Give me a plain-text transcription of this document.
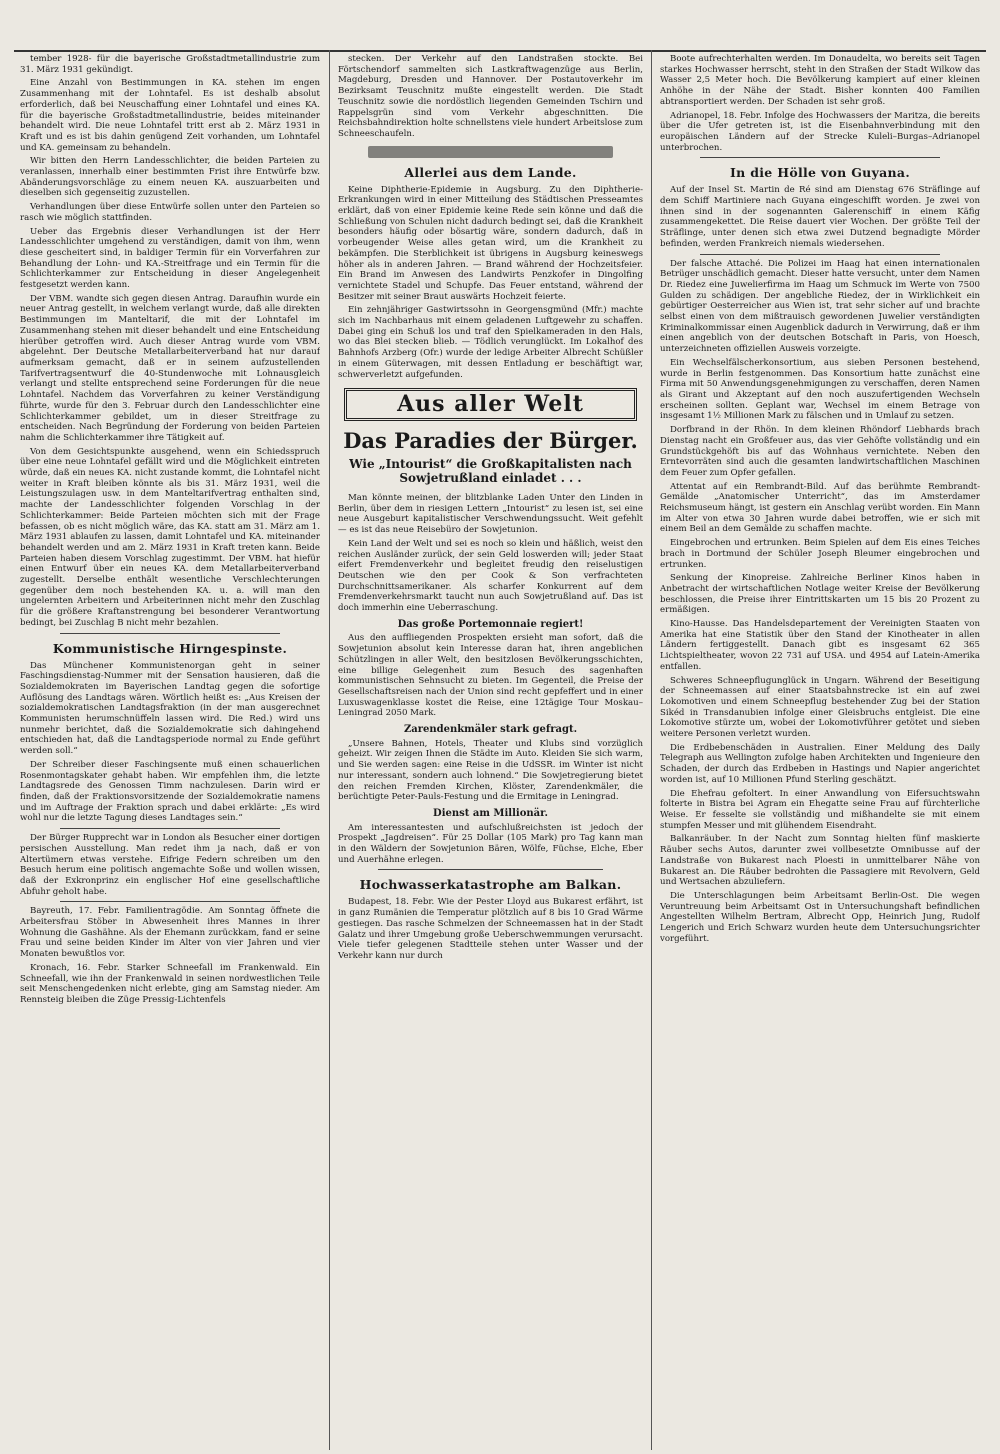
tember 1928- für die bayerische Großstadtmetallindustrie zum 31. März 1931 gekündigt.

Eine Anzahl von Bestimmungen in KA. stehen im engen Zusammenhang mit der Lohntafel. Es ist deshalb absolut erforderlich, daß bei Neuschaffung einer Lohntafel und eines KA. für die bayerische Großstadtmetallindustrie, beides miteinander behandelt wird. Die neue Lohntafel tritt erst ab 2. März 1931 in Kraft und es ist bis dahin genügend Zeit vorhanden, um Lohntafel und KA. gemeinsam zu behandeln.

Wir bitten den Herrn Landesschlichter, die beiden Parteien zu veranlassen, innerhalb einer bestimmten Frist ihre Entwürfe bzw. Abänderungsvorschläge zu einem neuen KA. auszuarbeiten und dieselben sich gegenseitig zuzustellen.

Verhandlungen über diese Entwürfe sollen unter den Parteien so rasch wie möglich stattfinden.

Ueber das Ergebnis dieser Verhandlungen ist der Herr Landesschlichter umgehend zu verständigen, damit von ihm, wenn diese gescheitert sind, in baldiger Termin für ein Vorverfahren zur Behandlung der Lohn- und KA.-Streitfrage und ein Termin für die Schlichterkammer zur Entscheidung in dieser Angelegenheit festgesetzt werden kann.

Der VBM. wandte sich gegen diesen Antrag. Daraufhin wurde ein neuer Antrag gestellt, in welchem verlangt wurde, daß alle direkten Bestimmungen im Manteltarif, die mit der Lohntafel im Zusammenhang stehen mit dieser behandelt und eine Entscheidung hierüber getroffen wird. Auch dieser Antrag wurde vom VBM. abgelehnt. Der Deutsche Metallarbeiterverband hat nur darauf aufmerksam gemacht, daß er in seinem aufzustellenden Tarifvertragsentwurf die 40-Stundenwoche mit Lohnausgleich verlangt und stellte entsprechend seine Forderungen für die neue Lohntafel. Nachdem das Vorverfahren zu keiner Verständigung führte, wurde für den 3. Februar durch den Landesschlichter eine Schlichterkammer gebildet, um in dieser Streitfrage zu entscheiden. Nach Begründung der Forderung von beiden Parteien nahm die Schlichterkammer ihre Tätigkeit auf.

Von dem Gesichtspunkte ausgehend, wenn ein Schiedsspruch über eine neue Lohntafel gefällt wird und die Möglichkeit eintreten würde, daß ein neues KA. nicht zustande kommt, die Lohntafel nicht weiter in Kraft bleiben könnte als bis 31. März 1931, weil die Leistungszulagen usw. in dem Manteltarifvertrag enthalten sind, machte der Landesschlichter folgenden Vorschlag in der Schlichterkammer: Beide Parteien möchten sich mit der Frage befassen, ob es nicht möglich wäre, das KA. statt am 31. März am 1. März 1931 ablaufen zu lassen, damit Lohntafel und KA. miteinander behandelt werden und am 2. März 1931 in Kraft treten kann. Beide Parteien haben diesem Vorschlag zugestimmt. Der VBM. hat hiefür einen Entwurf über ein neues KA. dem Metallarbeiterverband zugestellt. Derselbe enthält wesentliche Verschlechterungen gegenüber dem noch bestehenden KA. u. a. will man den ungelernten Arbeitern und Arbeiterinnen nicht mehr den Zuschlag für die größere Kraftanstrengung bei besonderer Verantwortung bedingt, bei Zuschlag B nicht mehr bezahlen.

Kommunistische Hirngespinste.

Das Münchener Kommunistenorgan geht in seiner Faschingsdienstag-Nummer mit der Sensation hausieren, daß die Sozialdemokraten im Bayerischen Landtag gegen die sofortige Auflösung des Landtags wären. Wörtlich heißt es: „Aus Kreisen der sozialdemokratischen Landtagsfraktion (in der man ausgerechnet Kommunisten herumschnüffeln lassen wird. Die Red.) wird uns nunmehr berichtet, daß die Sozialdemokratie sich dahingehend entschieden hat, daß die Landtagsperiode normal zu Ende geführt werden soll.“

Der Schreiber dieser Faschingsente muß einen schauerlichen Rosenmontagskater gehabt haben. Wir empfehlen ihm, die letzte Landtagsrede des Genossen Timm nachzulesen. Darin wird er finden, daß der Fraktionsvorsitzende der Sozialdemokratie namens und im Auftrage der Fraktion sprach und dabei erklärte: „Es wird wohl nur die letzte Tagung dieses Landtages sein.“

Der Bürger Rupprecht war in London als Besucher einer dortigen persischen Ausstellung. Man redet ihm ja nach, daß er von Altertümern etwas verstehe. Eifrige Federn schreiben um den Besuch herum eine politisch angemachte Soße und wollen wissen, daß der Exkronprinz ein englischer Hof eine gesellschaftliche Abfuhr geholt habe.

Bayreuth, 17. Febr. Familientragödie. Am Sonntag öffnete die Arbeitersfrau Stöber in Abwesenheit ihres Mannes in ihrer Wohnung die Gashähne. Als der Ehemann zurückkam, fand er seine Frau und seine beiden Kinder im Alter von vier Jahren und vier Monaten bewußtlos vor.

Kronach, 16. Febr. Starker Schneefall im Frankenwald. Ein Schneefall, wie ihn der Frankenwald in seinen nordwestlichen Teile seit Menschengedenken nicht erlebte, ging am Samstag nieder. Am Rennsteig bleiben die Züge Pressig-Lichtenfels

stecken. Der Verkehr auf den Landstraßen stockte. Bei Förtschendorf sammelten sich Lastkraftwagenzüge aus Berlin, Magdeburg, Dresden und Hannover. Der Postautoverkehr im Bezirksamt Teuschnitz mußte eingestellt werden. Die Stadt Teuschnitz sowie die nordöstlich liegenden Gemeinden Tschirn und Rappelsgrün sind vom Verkehr abgeschnitten. Die Reichsbahndirektion holte schnellstens viele hundert Arbeitslose zum Schneeschaufeln.

Allerlei aus dem Lande.

Keine Diphtherie-Epidemie in Augsburg. Zu den Diphtherie-Erkrankungen wird in einer Mitteilung des Städtischen Presseamtes erklärt, daß von einer Epidemie keine Rede sein könne und daß die Schließung von Schulen nicht dadurch bedingt sei, daß die Krankheit besonders häufig oder bösartig wäre, sondern dadurch, daß in vorbeugender Weise alles getan wird, um die Krankheit zu bekämpfen. Die Sterblichkeit ist übrigens in Augsburg keineswegs höher als in anderen Jahren. — Brand während der Hochzeitsfeier. Ein Brand im Anwesen des Landwirts Penzkofer in Dingolfing vernichtete Stadel und Schupfe. Das Feuer entstand, während der Besitzer mit seiner Braut auswärts Hochzeit feierte.

Ein zehnjähriger Gastwirtssohn in Georgensgmünd (Mfr.) machte sich im Nachbarhaus mit einem geladenen Luftgewehr zu schaffen. Dabei ging ein Schuß los und traf den Spielkameraden in den Hals, wo das Blei stecken blieb. — Tödlich verunglückt. Im Lokalhof des Bahnhofs Arzberg (Ofr.) wurde der ledige Arbeiter Albrecht Schüßler in einem Güterwagen, mit dessen Entladung er beschäftigt war, schwerverletzt aufgefunden.

Aus aller Welt
Das Paradies der Bürger.
Wie „Intourist“ die Großkapitalisten nach Sowjetrußland einladet . . .

Man könnte meinen, der blitzblanke Laden Unter den Linden in Berlin, über dem in riesigen Lettern „Intourist“ zu lesen ist, sei eine neue Ausgeburt kapitalistischer Verschwendungssucht. Weit gefehlt — es ist das neue Reisebüro der Sowjetunion.

Kein Land der Welt und sei es noch so klein und häßlich, weist den reichen Ausländer zurück, der sein Geld loswerden will; jeder Staat eifert Fremdenverkehr und begleitet freudig den reiselustigen Deutschen wie den per Cook & Son verfrachteten Durchschnittsamerikaner. Als scharfer Konkurrent auf dem Fremdenverkehrsmarkt taucht nun auch Sowjetrußland auf. Das ist doch immerhin eine Ueberraschung.

Das große Portemonnaie regiert!

Aus den auffliegenden Prospekten ersieht man sofort, daß die Sowjetunion absolut kein Interesse daran hat, ihren angeblichen Schützlingen in aller Welt, den besitzlosen Bevölkerungsschichten, eine billige Gelegenheit zum Besuch des sagenhaften kommunistischen Sehnsucht zu bieten. Im Gegenteil, die Preise der Gesellschaftsreisen nach der Union sind recht gepfeffert und in einer Luxuswagenklasse kostet die Reise, eine 12tägige Tour Moskau–Leningrad 2050 Mark.

Zarendenkmäler stark gefragt.

„Unsere Bahnen, Hotels, Theater und Klubs sind vorzüglich geheizt. Wir zeigen Ihnen die Städte im Auto. Kleiden Sie sich warm, und Sie werden sagen: eine Reise in die UdSSR. im Winter ist nicht nur interessant, sondern auch lohnend.“ Die Sowjetregierung bietet den reichen Fremden Kirchen, Klöster, Zarendenkmäler, die berüchtigte Peter-Pauls-Festung und die Ermitage in Leningrad.

Dienst am Millionär.

Am interessantesten und aufschlußreichsten ist jedoch der Prospekt „Jagdreisen“. Für 25 Dollar (105 Mark) pro Tag kann man in den Wäldern der Sowjetunion Bären, Wölfe, Füchse, Elche, Eber und Auerhähne erlegen.

Hochwasserkatastrophe am Balkan.

Budapest, 18. Febr. Wie der Pester Lloyd aus Bukarest erfährt, ist in ganz Rumänien die Temperatur plötzlich auf 8 bis 10 Grad Wärme gestiegen. Das rasche Schmelzen der Schneemassen hat in der Stadt Galatz und ihrer Umgebung große Ueberschwemmungen verursacht. Viele tiefer gelegenen Stadtteile stehen unter Wasser und der Verkehr kann nur durch

Boote aufrechterhalten werden. Im Donaudelta, wo bereits seit Tagen starkes Hochwasser herrscht, steht in den Straßen der Stadt Wilkow das Wasser 2,5 Meter hoch. Die Bevölkerung kampiert auf einer kleinen Anhöhe in der Nähe der Stadt. Bisher konnten 400 Familien abtransportiert werden. Der Schaden ist sehr groß.

Adrianopel, 18. Febr. Infolge des Hochwassers der Maritza, die bereits über die Ufer getreten ist, ist die Eisenbahnverbindung mit den europäischen Ländern auf der Strecke Kuleli–Burgas–Adrianopel unterbrochen.

In die Hölle von Guyana.

Auf der Insel St. Martin de Ré sind am Dienstag 676 Sträflinge auf dem Schiff Martiniere nach Guyana eingeschifft worden. Je zwei von ihnen sind in der sogenannten Galerenschiff in einem Käfig zusammengekettet. Die Reise dauert vier Wochen. Der größte Teil der Sträflinge, unter denen sich etwa zwei Dutzend begnadigte Mörder befinden, werden Frankreich niemals wiedersehen.

Der falsche Attaché. Die Polizei im Haag hat einen internationalen Betrüger unschädlich gemacht. Dieser hatte versucht, unter dem Namen Dr. Riedez eine Juwelierfirma im Haag um Schmuck im Werte von 7500 Gulden zu schädigen. Der angebliche Riedez, der in Wirklichkeit ein gebürtiger Oesterreicher aus Wien ist, trat sehr sicher auf und brachte selbst einen von dem mißtrauisch gewordenen Juwelier verständigten Kriminalkommissar einen Augenblick dadurch in Verwirrung, daß er ihm einen angeblich von der deutschen Botschaft in Paris, von Hoesch, unterzeichneten offiziellen Ausweis vorzeigte.

Ein Wechselfälscherkonsortium, aus sieben Personen bestehend, wurde in Berlin festgenommen. Das Konsortium hatte zunächst eine Firma mit 50 Anwendungsgenehmigungen zu verschaffen, deren Namen als Girant und Akzeptant auf den noch auszufertigenden Wechseln erscheinen sollten. Geplant war, Wechsel im einem Betrage von insgesamt 1½ Millionen Mark zu fälschen und in Umlauf zu setzen.

Dorfbrand in der Rhön. In dem kleinen Rhöndorf Liebhards brach Dienstag nacht ein Großfeuer aus, das vier Gehöfte vollständig und ein Grundstückgehöft bis auf das Wohnhaus vernichtete. Neben den Erntevorräten sind auch die gesamten landwirtschaftlichen Maschinen dem Feuer zum Opfer gefallen.

Attentat auf ein Rembrandt-Bild. Auf das berühmte Rembrandt-Gemälde „Anatomischer Unterricht“, das im Amsterdamer Reichsmuseum hängt, ist gestern ein Anschlag verübt worden. Ein Mann im Alter von etwa 30 Jahren wurde dabei betroffen, wie er sich mit einem Beil an dem Gemälde zu schaffen machte.

Eingebrochen und ertrunken. Beim Spielen auf dem Eis eines Teiches brach in Dortmund der Schüler Joseph Bleumer eingebrochen und ertrunken.

Senkung der Kinopreise. Zahlreiche Berliner Kinos haben in Anbetracht der wirtschaftlichen Notlage weiter Kreise der Bevölkerung beschlossen, die Preise ihrer Eintrittskarten um 15 bis 20 Prozent zu ermäßigen.

Kino-Hausse. Das Handelsdepartement der Vereinigten Staaten von Amerika hat eine Statistik über den Stand der Kinotheater in allen Ländern fertiggestellt. Danach gibt es insgesamt 62 365 Lichtspieltheater, wovon 22 731 auf USA. und 4954 auf Latein-Amerika entfallen.

Schweres Schneepflugunglück in Ungarn. Während der Beseitigung der Schneemassen auf einer Staatsbahnstrecke ist ein auf zwei Lokomotiven und einem Schneepflug bestehender Zug bei der Station Sikéd in Transdanubien infolge einer Gleisbruchs entgleist. Die eine Lokomotive stürzte um, wobei der Lokomotivführer getötet und sieben weitere Personen verletzt wurden.

Die Erdbebenschäden in Australien. Einer Meldung des Daily Telegraph aus Wellington zufolge haben Architekten und Ingenieure den Schaden, der durch das Erdbeben in Hastings und Napier angerichtet worden ist, auf 10 Millionen Pfund Sterling geschätzt.

Die Ehefrau gefoltert. In einer Anwandlung von Eifersuchtswahn folterte in Bistra bei Agram ein Ehegatte seine Frau auf fürchterliche Weise. Er fesselte sie vollständig und mißhandelte sie mit einem stumpfen Messer und mit glühendem Eisendraht.

Balkanräuber. In der Nacht zum Sonntag hielten fünf maskierte Räuber sechs Autos, darunter zwei vollbesetzte Omnibusse auf der Landstraße von Bukarest nach Ploesti in unmittelbarer Nähe von Bukarest an. Die Räuber bedrohten die Passagiere mit Revolvern, Geld und Wertsachen abzuliefern.

Die Unterschlagungen beim Arbeitsamt Berlin-Ost. Die wegen Veruntreuung beim Arbeitsamt Ost in Untersuchungshaft befindlichen Angestellten Wilhelm Bertram, Albrecht Opp, Heinrich Jung, Rudolf Lengerich und Erich Schwarz wurden heute dem Untersuchungsrichter vorgeführt.
